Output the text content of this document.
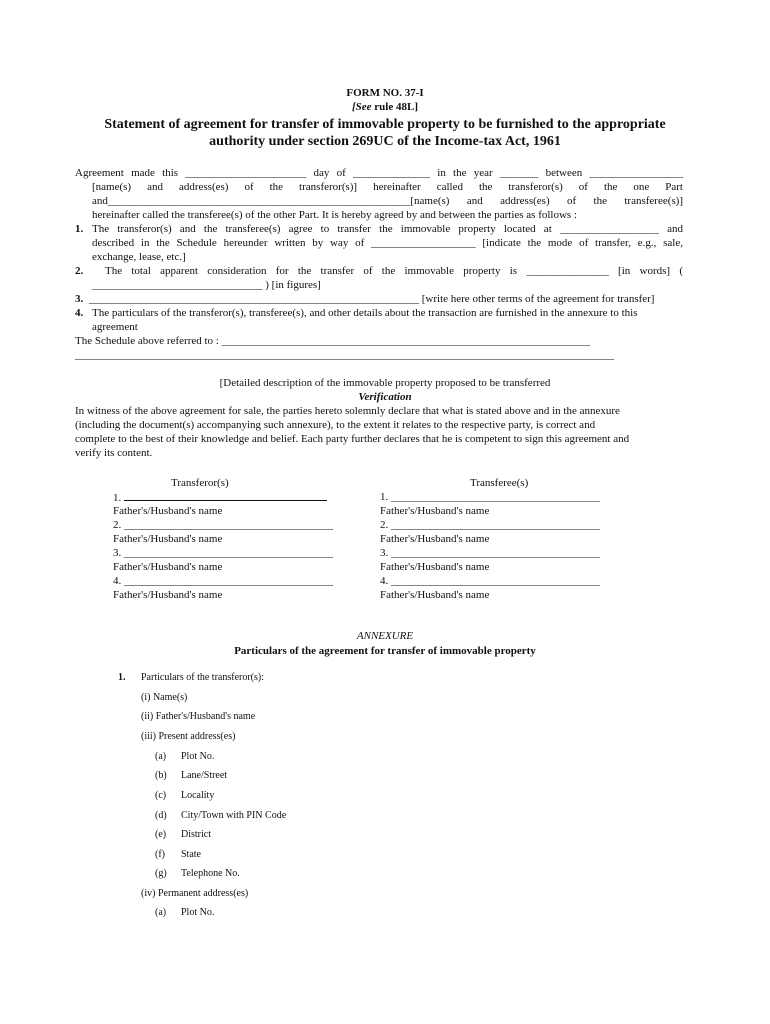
FORM NO. 37-I
[See rule 48L]
Statement of agreement for transfer of immovable property to be furnished to the appropriate
authority under section 269UC of the Income-tax Act, 1961
Agreement made this ______________________ day of ______________ in the year _______ between _________________
[name(s) and address(es) of the transferor(s)] hereinafter called the transferor(s) of the one Part
and_______________________________________________________[name(s) and address(es) of the transferee(s)]
hereinafter called the transferee(s) of the other Part. It is hereby agreed by and between the parties as follows :
1. The transferor(s) and the transferee(s) agree to transfer the immovable property located at __________________ and
described in the Schedule hereunder written by way of ___________________ [indicate the mode of transfer, e.g., sale,
exchange, lease, etc.]
2. The total apparent consideration for the transfer of the immovable property is _______________ [in words] (
_______________________________ ) [in figures]
3. ____________________________________________________________ [write here other terms of the agreement for transfer]
4. The particulars of the transferor(s), transferee(s), and other details about the transaction are furnished in the annexure to this
agreement
The Schedule above referred to : ___________________________________________________________________
__________________________________________________________________________________________________
[Detailed description of the immovable property proposed to be transferred
Verification
In witness of the above agreement for sale, the parties hereto solemnly declare that what is stated above and in the annexure
(including the document(s) accompanying such annexure), to the extent it relates to the respective party, is correct and
complete to the best of their knowledge and belief. Each party further declares that he is competent to sign this agreement and
verify its content.
Transferor(s)	Transferee(s)
1.
Father's/Husband's name
2. ______________________________________
Father's/Husband's name
3. ______________________________________
Father's/Husband's name
4. ______________________________________
Father's/Husband's name
1. ______________________________________
Father's/Husband's name
2. ______________________________________
Father's/Husband's name
3. ______________________________________
Father's/Husband's name
4. ______________________________________
Father's/Husband's name
ANNEXURE
Particulars of the agreement for transfer of immovable property
1. Particulars of the transferor(s):
(i) Name(s)
(ii) Father's/Husband's name
(iii) Present address(es)
(a) Plot No.
(b) Lane/Street
(c) Locality
(d) City/Town with PIN Code
(e) District
(f) State
(g) Telephone No.
(iv) Permanent address(es)
(a) Plot No.
